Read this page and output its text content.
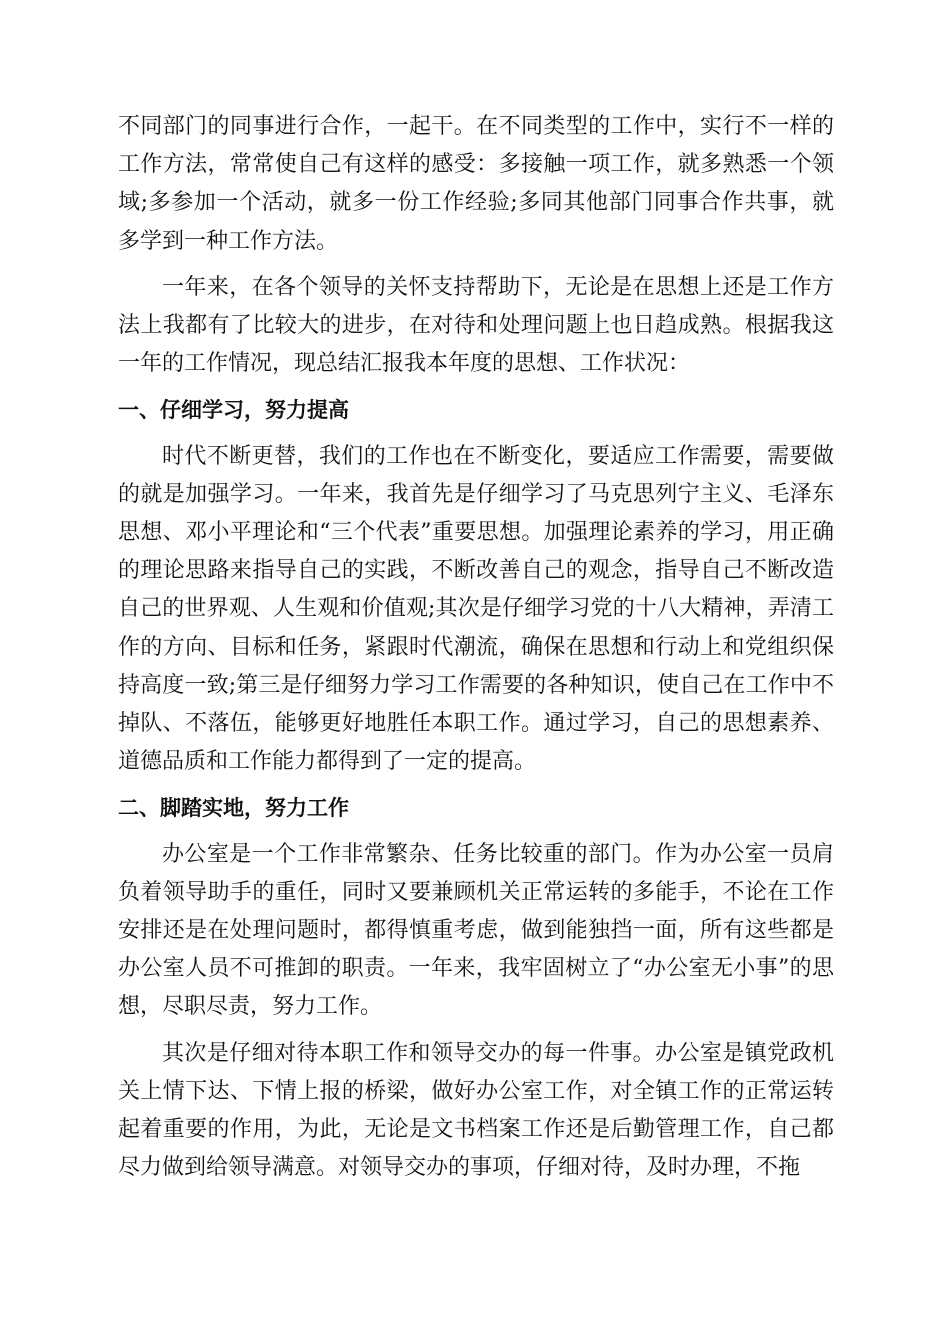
不同部门的同事进行合作，一起干。在不同类型的工作中，实行不一样的工作方法，常常使自己有这样的感受：多接触一项工作，就多熟悉一个领域;多参加一个活动，就多一份工作经验;多同其他部门同事合作共事，就多学到一种工作方法。

一年来，在各个领导的关怀支持帮助下，无论是在思想上还是工作方法上我都有了比较大的进步，在对待和处理问题上也日趋成熟。根据我这一年的工作情况，现总结汇报我本年度的思想、工作状况：

一、仔细学习，努力提高

时代不断更替，我们的工作也在不断变化，要适应工作需要，需要做的就是加强学习。一年来，我首先是仔细学习了马克思列宁主义、毛泽东思想、邓小平理论和“三个代表”重要思想。加强理论素养的学习，用正确的理论思路来指导自己的实践，不断改善自己的观念，指导自己不断改造自己的世界观、人生观和价值观;其次是仔细学习党的十八大精神，弄清工作的方向、目标和任务，紧跟时代潮流，确保在思想和行动上和党组织保持高度一致;第三是仔细努力学习工作需要的各种知识，使自己在工作中不掉队、不落伍，能够更好地胜任本职工作。通过学习，自己的思想素养、道德品质和工作能力都得到了一定的提高。

二、脚踏实地，努力工作

办公室是一个工作非常繁杂、任务比较重的部门。作为办公室一员肩负着领导助手的重任，同时又要兼顾机关正常运转的多能手，不论在工作安排还是在处理问题时，都得慎重考虑，做到能独挡一面，所有这些都是办公室人员不可推卸的职责。一年来，我牢固树立了“办公室无小事”的思想，尽职尽责，努力工作。

其次是仔细对待本职工作和领导交办的每一件事。办公室是镇党政机关上情下达、下情上报的桥梁，做好办公室工作，对全镇工作的正常运转起着重要的作用，为此，无论是文书档案工作还是后勤管理工作，自己都尽力做到给领导满意。对领导交办的事项，仔细对待，及时办理，不拖
